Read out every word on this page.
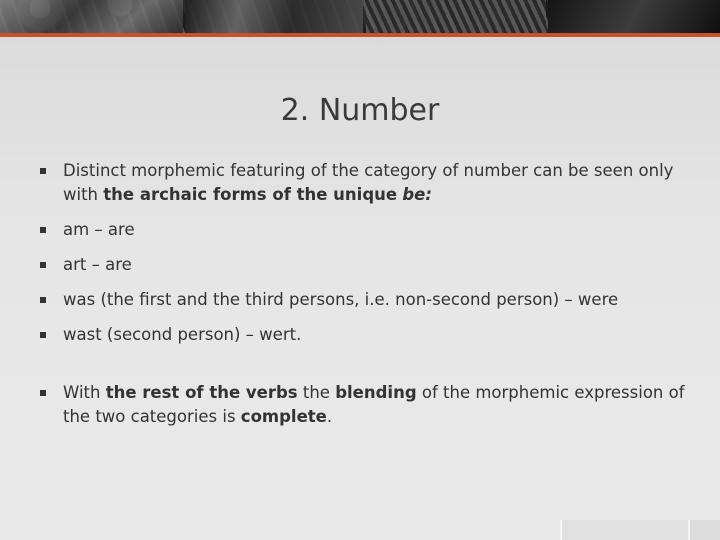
2. Number
Distinct morphemic featuring of the category of number can be seen only with the archaic forms of the unique be:
am – are
art – are
was (the first and the third persons, i.e. non-second person) – were
wast (second person) – wert.
With the rest of the verbs the blending of the morphemic expression of the two categories is complete.
